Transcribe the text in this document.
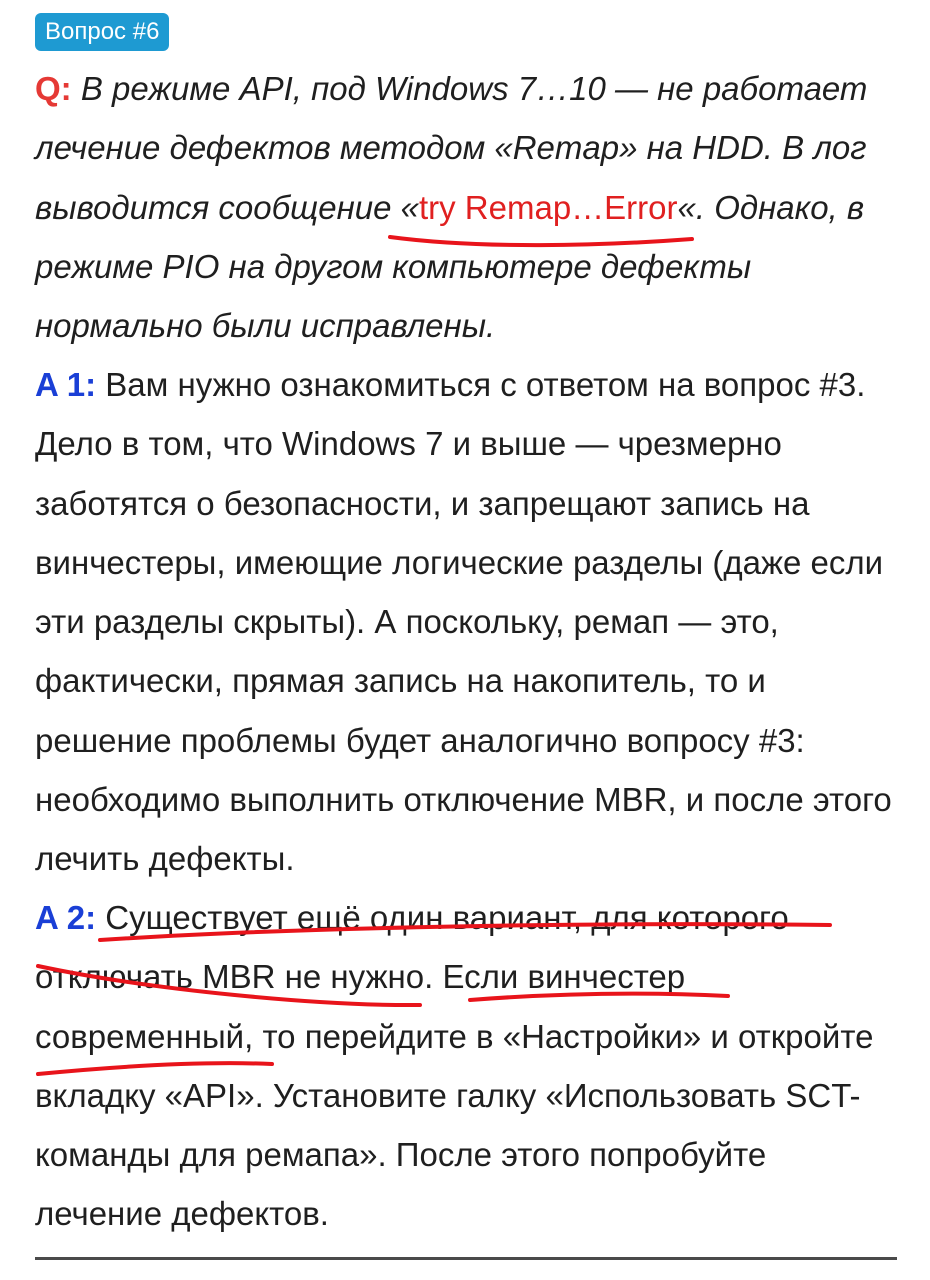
Вопрос #6

Q: В режиме API, под Windows 7…10 — не работает лечение дефектов методом «Remap» на HDD. В лог выводится сообщение «try Remap…Error«. Однако, в режиме PIO на другом компьютере дефекты нормально были исправлены.

A 1: Вам нужно ознакомиться с ответом на вопрос #3. Дело в том, что Windows 7 и выше — чрезмерно заботятся о безопасности, и запрещают запись на винчестеры, имеющие логические разделы (даже если эти разделы скрыты). А поскольку, ремап — это, фактически, прямая запись на накопитель, то и решение проблемы будет аналогично вопросу #3: необходимо выполнить отключение MBR, и после этого лечить дефекты.

A 2: Существует ещё один вариант, для которого отключать MBR не нужно. Если винчестер современный, то перейдите в «Настройки» и откройте вкладку «API». Установите галку «Использовать SCT-команды для ремапа». После этого попробуйте лечение дефектов.
